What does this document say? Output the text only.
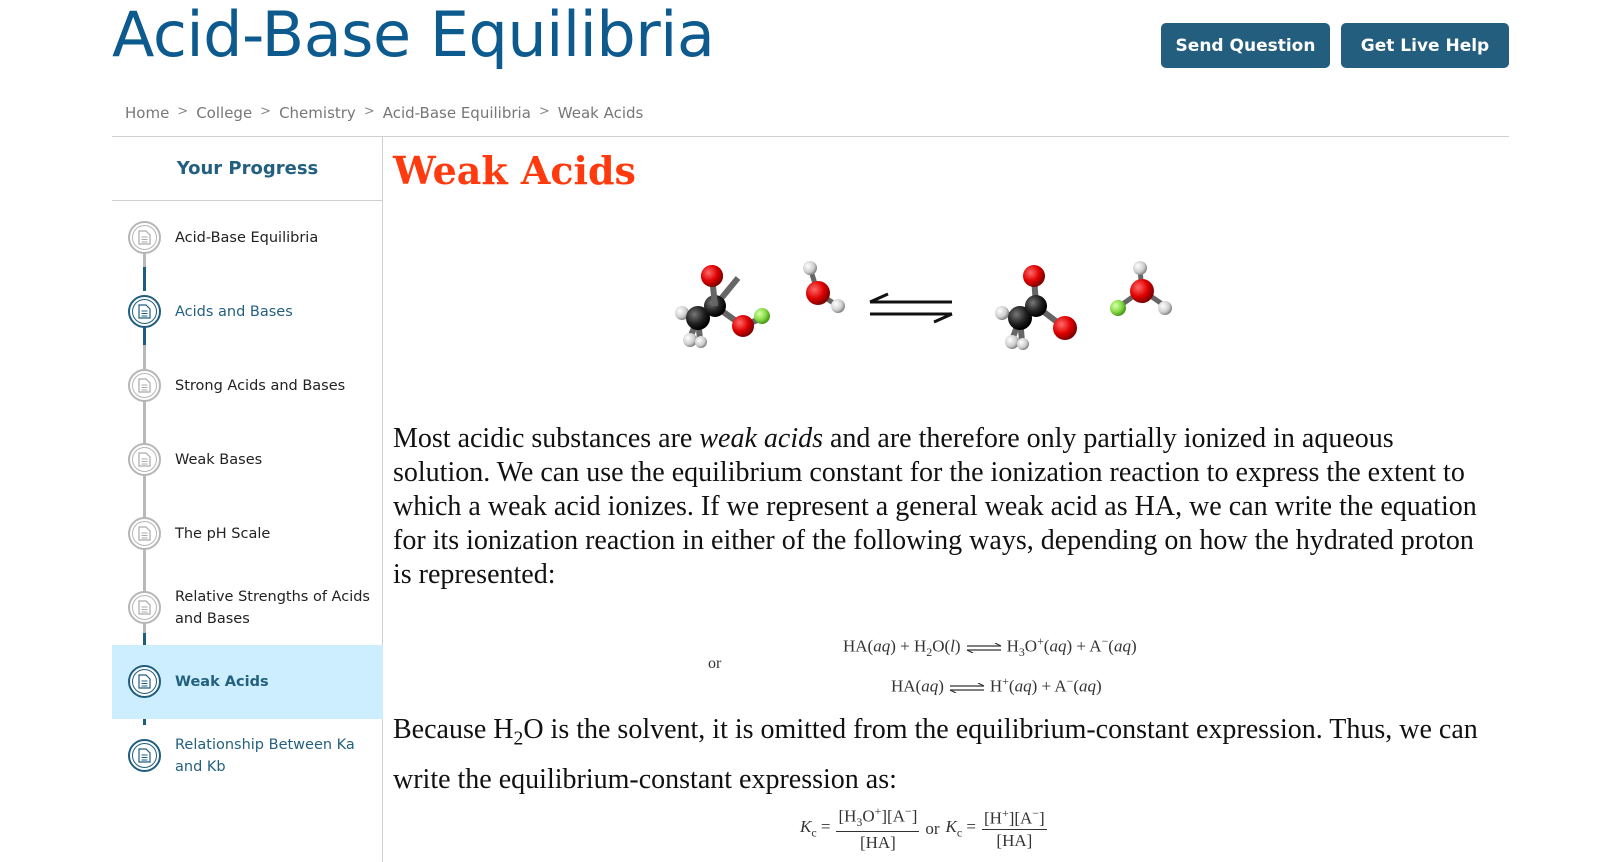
Acid-Base Equilibria	Send Question	Get Live Help
Home > College > Chemistry > Acid-Base Equilibria > Weak Acids
Your Progress
Acid-Base Equilibria
Acids and Bases
Strong Acids and Bases
Weak Bases
The pH Scale
Relative Strengths of Acids and Bases
Weak Acids
Relationship Between Ka and Kb
Weak Acids

Most acidic substances are weak acids and are therefore only partially ionized in aqueous solution. We can use the equilibrium constant for the ionization reaction to express the extent to which a weak acid ionizes. If we represent a general weak acid as HA, we can write the equation for its ionization reaction in either of the following ways, depending on how the hydrated proton is represented:

or
$HA(aq) + H_2O(l)$	$H_3O^+(aq) + A^-(aq)$
HA(aq)	H+(aq) + A−(aq)

Because $H_2O$ is the solvent, it is omitted from the equilibrium-constant expression. Thus, we can write the equilibrium-constant expression as:

$K_c = \frac{[H_3O^+][A^-]}{[HA]}$ or $K_c = \frac{[H^+][A^-]}{[HA]}$
